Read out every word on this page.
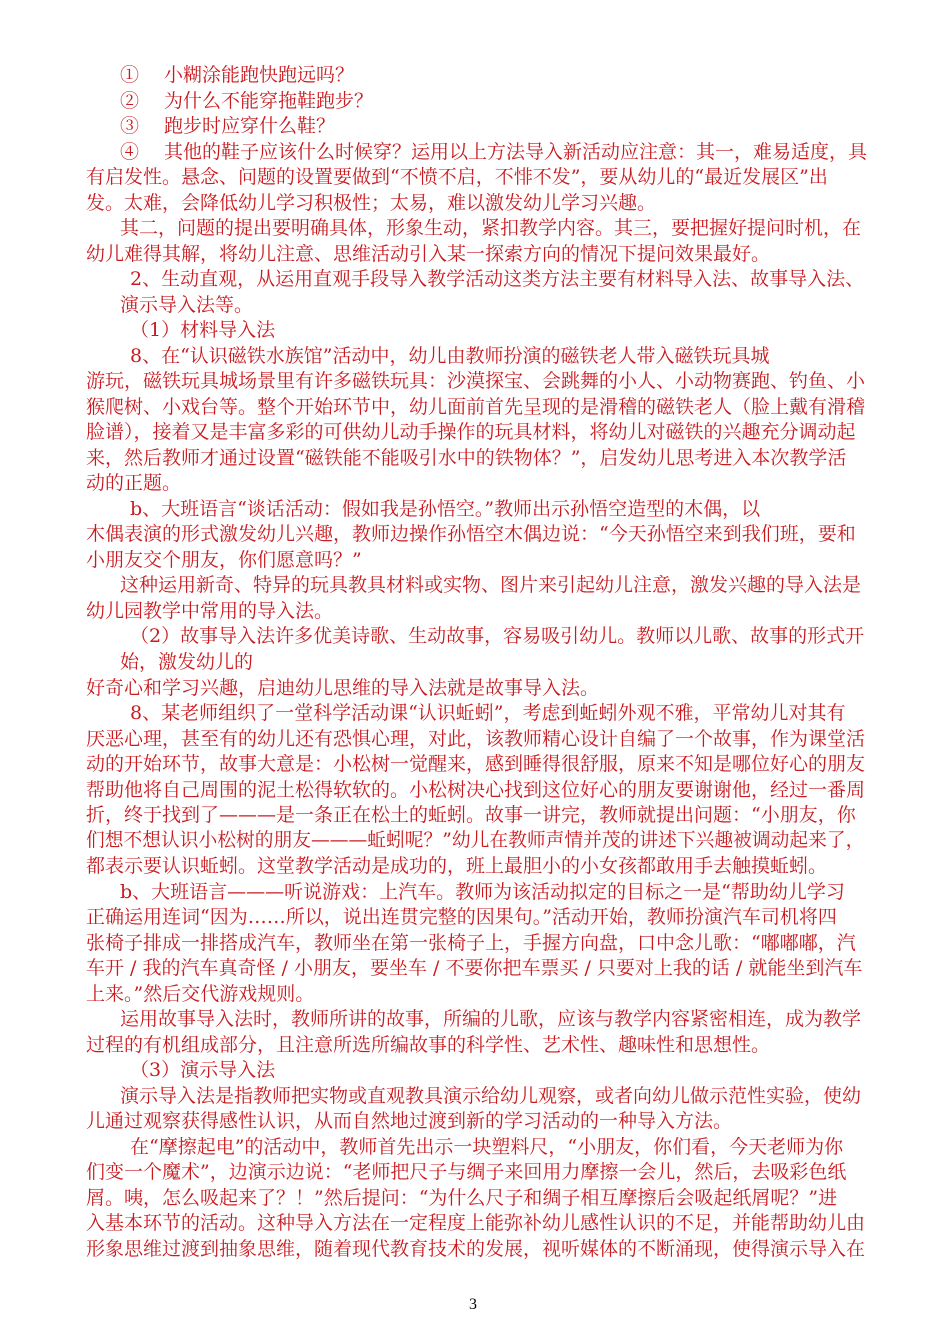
①　 小糊涂能跑快跑远吗？
②　 为什么不能穿拖鞋跑步？
③　 跑步时应穿什么鞋？
④　 其他的鞋子应该什么时候穿？运用以上方法导入新活动应注意：其一，难易适度，具
有启发性。悬念、问题的设置要做到“不愤不启，不悱不发”，要从幼儿的“最近发展区”出
发。太难，会降低幼儿学习积极性；太易，难以激发幼儿学习兴趣。
其二，问题的提出要明确具体，形象生动，紧扣教学内容。其三，要把握好提问时机，在
幼儿难得其解，将幼儿注意、思维活动引入某一探索方向的情况下提问效果最好。
2、生动直观，从运用直观手段导入教学活动这类方法主要有材料导入法、故事导入法、
演示导入法等。
（1）材料导入法
8、在“认识磁铁水族馆”活动中，幼儿由教师扮演的磁铁老人带入磁铁玩具城
游玩，磁铁玩具城场景里有许多磁铁玩具：沙漠探宝、会跳舞的小人、小动物赛跑、钓鱼、小
猴爬树、小戏台等。整个开始环节中，幼儿面前首先呈现的是滑稽的磁铁老人（脸上戴有滑稽
脸谱），接着又是丰富多彩的可供幼儿动手操作的玩具材料，将幼儿对磁铁的兴趣充分调动起
来，然后教师才通过设置“磁铁能不能吸引水中的铁物体？”，启发幼儿思考进入本次教学活
动的正题。
b、大班语言“谈话活动：假如我是孙悟空。”教师出示孙悟空造型的木偶，以
木偶表演的形式激发幼儿兴趣，教师边操作孙悟空木偶边说：“今天孙悟空来到我们班，要和
小朋友交个朋友，你们愿意吗？”
这种运用新奇、特异的玩具教具材料或实物、图片来引起幼儿注意，激发兴趣的导入法是
幼儿园教学中常用的导入法。
（2）故事导入法许多优美诗歌、生动故事，容易吸引幼儿。教师以儿歌、故事的形式开
始，激发幼儿的
好奇心和学习兴趣，启迪幼儿思维的导入法就是故事导入法。
8、某老师组织了一堂科学活动课“认识蚯蚓”，考虑到蚯蚓外观不雅，平常幼儿对其有
厌恶心理，甚至有的幼儿还有恐惧心理，对此，该教师精心设计自编了一个故事，作为课堂活
动的开始环节，故事大意是：小松树一觉醒来，感到睡得很舒服，原来不知是哪位好心的朋友
帮助他将自己周围的泥土松得软软的。小松树决心找到这位好心的朋友要谢谢他，经过一番周
折，终于找到了———是一条正在松土的蚯蚓。故事一讲完，教师就提出问题：“小朋友，你
们想不想认识小松树的朋友———蚯蚓呢？”幼儿在教师声情并茂的讲述下兴趣被调动起来了，
都表示要认识蚯蚓。这堂教学活动是成功的，班上最胆小的小女孩都敢用手去触摸蚯蚓。
b、大班语言———听说游戏：上汽车。教师为该活动拟定的目标之一是“帮助幼儿学习
正确运用连词“因为……所以，说出连贯完整的因果句。”活动开始，教师扮演汽车司机将四
张椅子排成一排搭成汽车，教师坐在第一张椅子上，手握方向盘，口中念儿歌：“嘟嘟嘟，汽
车开 / 我的汽车真奇怪 / 小朋友，要坐车 / 不要你把车票买 / 只要对上我的话 / 就能坐到汽车
上来。”然后交代游戏规则。
运用故事导入法时，教师所讲的故事，所编的儿歌，应该与教学内容紧密相连，成为教学
过程的有机组成部分，且注意所选所编故事的科学性、艺术性、趣味性和思想性。
（3）演示导入法
演示导入法是指教师把实物或直观教具演示给幼儿观察，或者向幼儿做示范性实验，使幼
儿通过观察获得感性认识，从而自然地过渡到新的学习活动的一种导入方法。
在“摩擦起电”的活动中，教师首先出示一块塑料尺，“小朋友，你们看，今天老师为你
们变一个魔术”，边演示边说：“老师把尺子与绸子来回用力摩擦一会儿，然后，去吸彩色纸
屑。咦，怎么吸起来了？！”然后提问：“为什么尺子和绸子相互摩擦后会吸起纸屑呢？”进
入基本环节的活动。这种导入方法在一定程度上能弥补幼儿感性认识的不足，并能帮助幼儿由
形象思维过渡到抽象思维，随着现代教育技术的发展，视听媒体的不断涌现，使得演示导入在
3
